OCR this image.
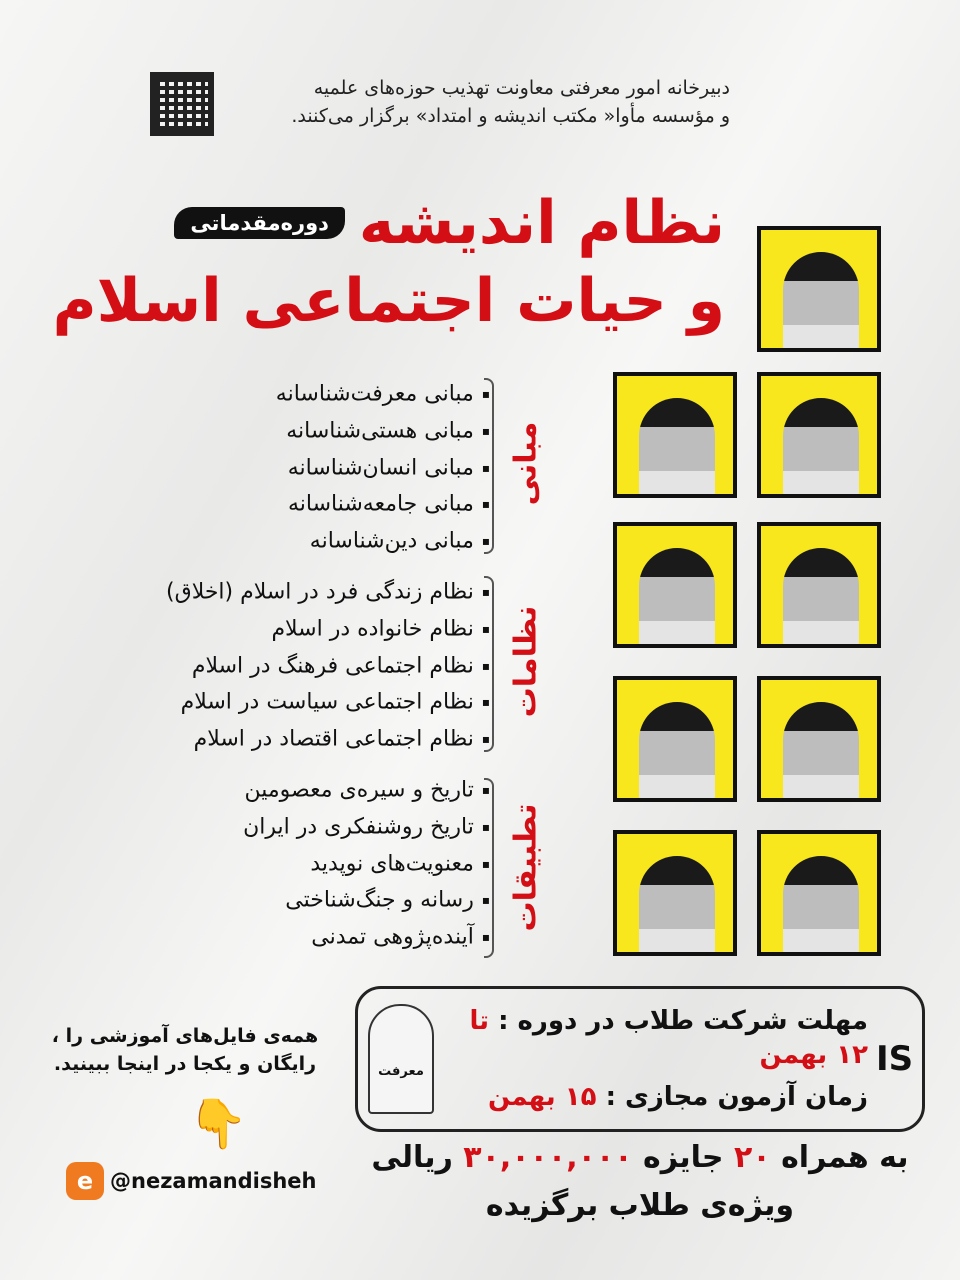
دبیرخانه امور معرفتی معاونت تهذیب حوزه‌های علمیه
و مؤسسه مأوا« مکتب اندیشه و امتداد» برگزار می‌کنند.
نظام اندیشه
دوره‌مقدماتی
و حیات اجتماعی اسلام
▪ مبانی معرفت‌شناسانه
▪ مبانی هستی‌شناسانه
▪ مبانی انسان‌شناسانه
▪ مبانی جامعه‌شناسانه
▪ مبانی دین‌شناسانه
مبانی
▪ نظام زندگی فرد در اسلام (اخلاق)
▪ نظام خانواده در اسلام
▪ نظام اجتماعی فرهنگ در اسلام
▪ نظام اجتماعی سیاست در اسلام
▪ نظام اجتماعی اقتصاد در اسلام
نظامات
▪ تاریخ و سیره‌ی معصومین
▪ تاریخ روشنفکری در ایران
▪ معنویت‌های نوپدید
▪ رسانه و جنگ‌شناختی
▪ آینده‌پژوهی تمدنی
تطبیقات
معرفت
مهلت شرکت طلاب در دوره : تا ۱۲ بهمن
زمان آزمون مجازی : ۱۵ بهمن
IS
به همراه ۲۰ جایزه ۳۰,۰۰۰,۰۰۰ ریالی
ویژه‌ی طلاب برگزیده
همه‌ی فایل‌های آموزشی را ،
رایگان و یکجا در اینجا ببینید.
👇
e @nezamandisheh
